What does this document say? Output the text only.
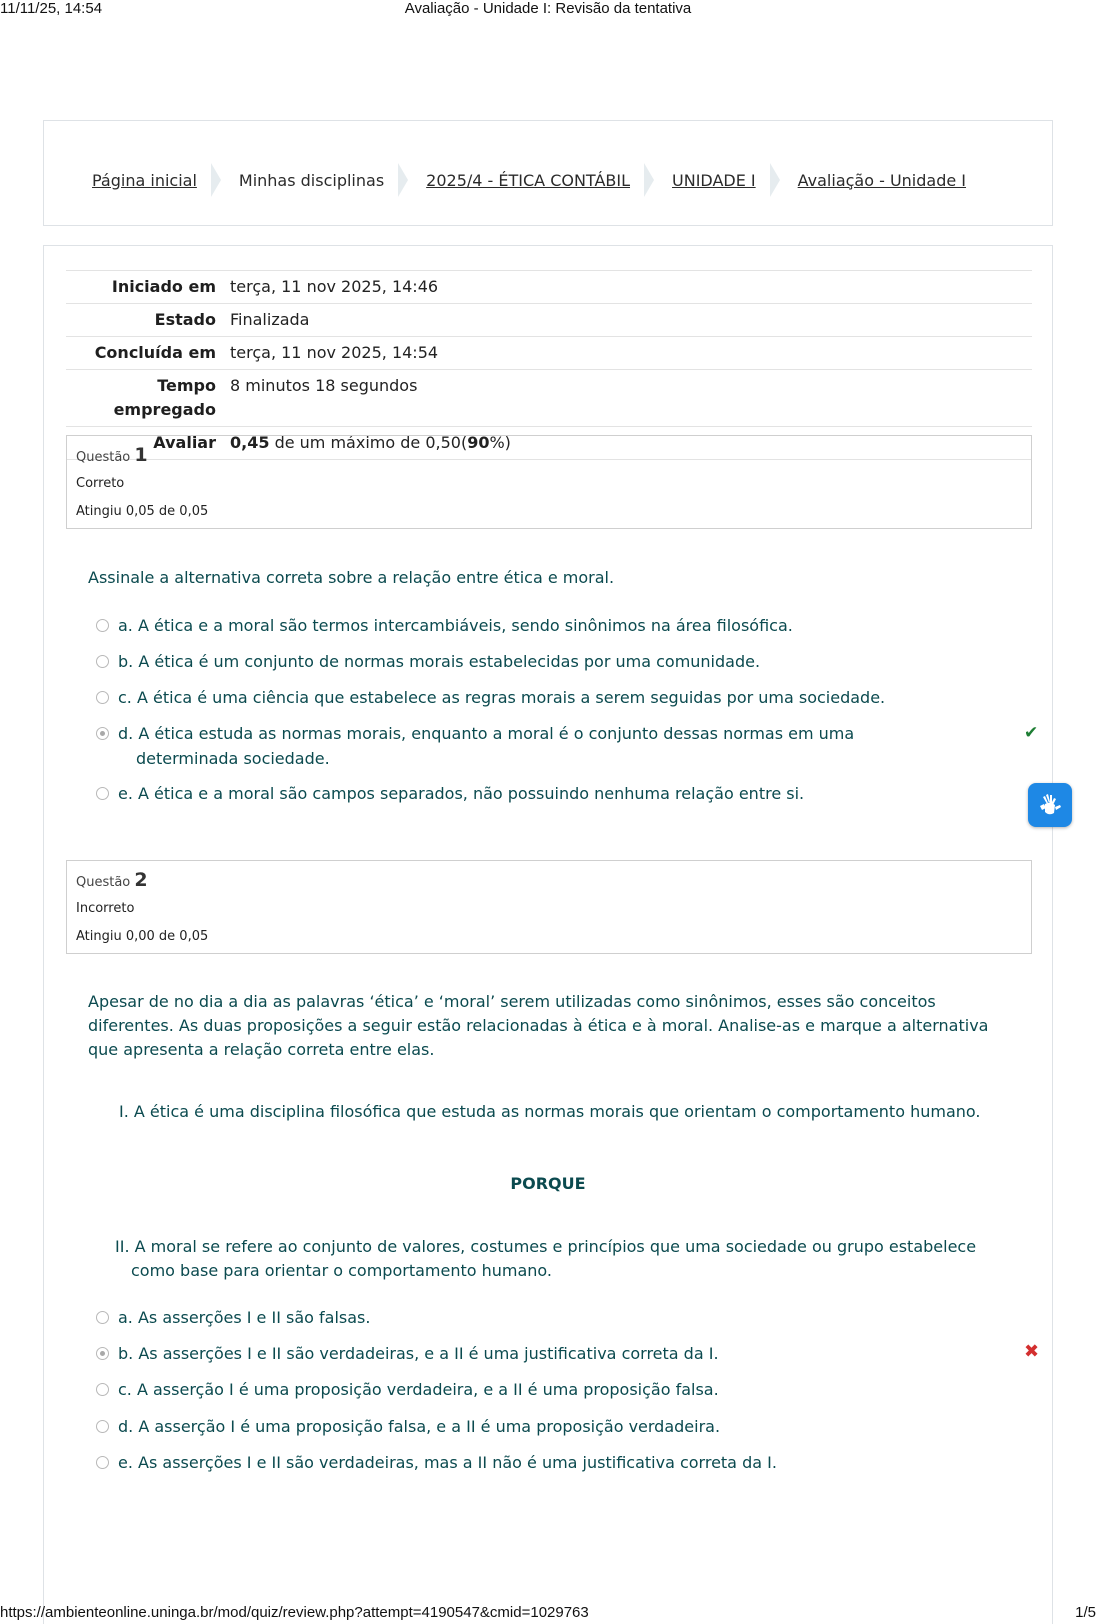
11/11/25, 14:54	Avaliação - Unidade I: Revisão da tentativa
Página inicial	Minhas disciplinas	2025/4 - ÉTICA CONTÁBIL	UNIDADE I	Avaliação - Unidade I
Iniciado em	terça, 11 nov 2025, 14:46
Estado	Finalizada
Concluída em	terça, 11 nov 2025, 14:54
Tempo
empregado	8 minutos 18 segundos
Avaliar	0,45 de um máximo de 0,50(90%)
Questão 1
Correto
Atingiu 0,05 de 0,05
Assinale a alternativa correta sobre a relação entre ética e moral.
a. A ética e a moral são termos intercambiáveis, sendo sinônimos na área filosófica.
b. A ética é um conjunto de normas morais estabelecidas por uma comunidade.
c. A ética é uma ciência que estabelece as regras morais a serem seguidas por uma sociedade.
d. A ética estuda as normas morais, enquanto a moral é o conjunto dessas normas em uma determinada sociedade.
✔
e. A ética e a moral são campos separados, não possuindo nenhuma relação entre si.
Questão 2
Incorreto
Atingiu 0,00 de 0,05
Apesar de no dia a dia as palavras ‘ética’ e ‘moral’ serem utilizadas como sinônimos, esses são conceitos diferentes. As duas proposições a seguir estão relacionadas à ética e à moral. Analise-as e marque a alternativa que apresenta a relação correta entre elas.
I. A ética é uma disciplina filosófica que estuda as normas morais que orientam o comportamento humano.
PORQUE
II. A moral se refere ao conjunto de valores, costumes e princípios que uma sociedade ou grupo estabelece como base para orientar o comportamento humano.
a. As asserções I e II são falsas.
b. As asserções I e II são verdadeiras, e a II é uma justificativa correta da I.	✖
c. A asserção I é uma proposição verdadeira, e a II é uma proposição falsa.
d. A asserção I é uma proposição falsa, e a II é uma proposição verdadeira.
e. As asserções I e II são verdadeiras, mas a II não é uma justificativa correta da I.
https://ambienteonline.uninga.br/mod/quiz/review.php?attempt=4190547&cmid=1029763	1/5
